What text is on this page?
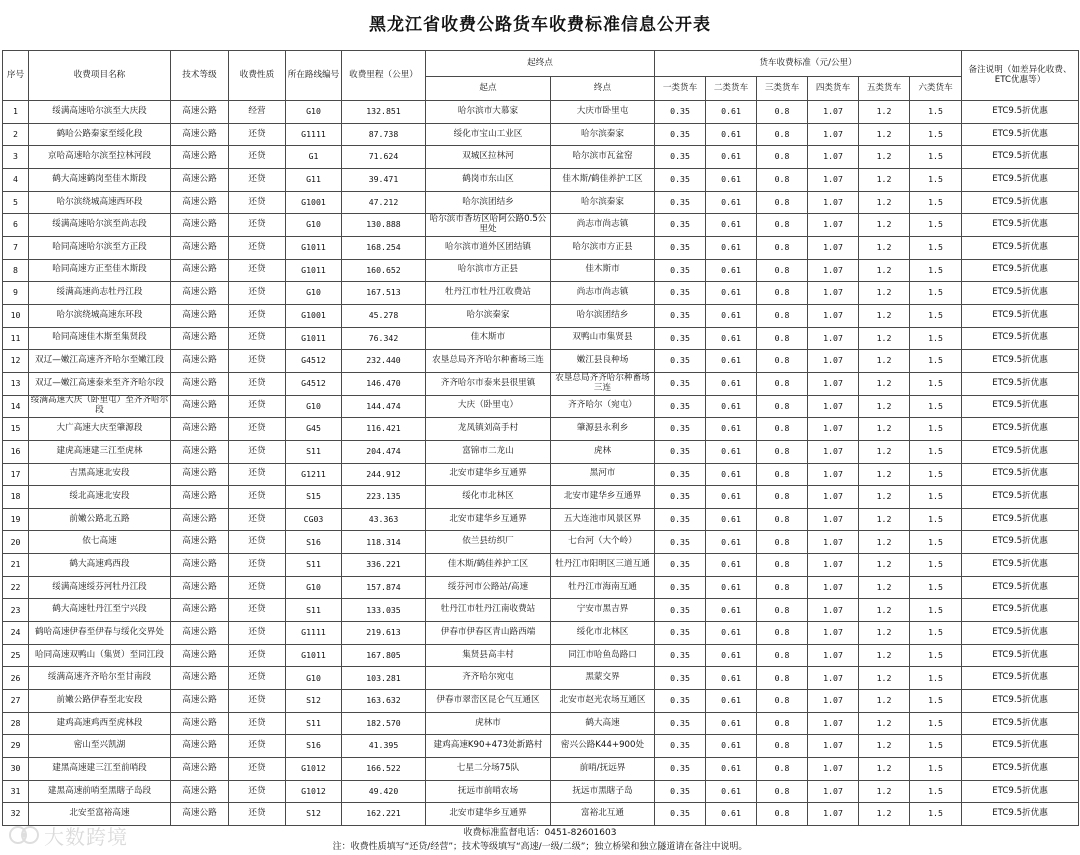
黑龙江省收费公路货车收费标准信息公开表
序号	收费项目名称	技术等级	收费性质	所在路线编号	收费里程（公里）	起终点		货车收费标准（元/公里）						备注说明（如差异化收费、ETC优惠等）
						起点	终点	一类货车	二类货车	三类货车	四类货车	五类货车	六类货车	
1	绥满高速哈尔滨至大庆段	高速公路	经营	G10	132.851	哈尔滨市大慕家	大庆市卧里屯	0.35	0.61	0.8	1.07	1.2	1.5	ETC9.5折优惠
2	鹤哈公路秦家至绥化段	高速公路	还贷	G1111	87.738	绥化市宝山工业区	哈尔滨秦家	0.35	0.61	0.8	1.07	1.2	1.5	ETC9.5折优惠
3	京哈高速哈尔滨至拉林河段	高速公路	还贷	G1	71.624	双城区拉林河	哈尔滨市瓦盆窑	0.35	0.61	0.8	1.07	1.2	1.5	ETC9.5折优惠
4	鹤大高速鹤岗至佳木斯段	高速公路	还贷	G11	39.471	鹤岗市东山区	佳木斯/鹤佳养护工区	0.35	0.61	0.8	1.07	1.2	1.5	ETC9.5折优惠
5	哈尔滨绕城高速西环段	高速公路	还贷	G1001	47.212	哈尔滨团结乡	哈尔滨秦家	0.35	0.61	0.8	1.07	1.2	1.5	ETC9.5折优惠
6	绥满高速哈尔滨至尚志段	高速公路	还贷	G10	130.888	哈尔滨市香坊区哈阿公路0.5公里处	尚志市尚志镇	0.35	0.61	0.8	1.07	1.2	1.5	ETC9.5折优惠
7	哈同高速哈尔滨至方正段	高速公路	还贷	G1011	168.254	哈尔滨市道外区团结镇	哈尔滨市方正县	0.35	0.61	0.8	1.07	1.2	1.5	ETC9.5折优惠
8	哈同高速方正至佳木斯段	高速公路	还贷	G1011	160.652	哈尔滨市方正县	佳木斯市	0.35	0.61	0.8	1.07	1.2	1.5	ETC9.5折优惠
9	绥满高速尚志牡丹江段	高速公路	还贷	G10	167.513	牡丹江市牡丹江收费站	尚志市尚志镇	0.35	0.61	0.8	1.07	1.2	1.5	ETC9.5折优惠
10	哈尔滨绕城高速东环段	高速公路	还贷	G1001	45.278	哈尔滨秦家	哈尔滨团结乡	0.35	0.61	0.8	1.07	1.2	1.5	ETC9.5折优惠
11	哈同高速佳木斯至集贤段	高速公路	还贷	G1011	76.342	佳木斯市	双鸭山市集贤县	0.35	0.61	0.8	1.07	1.2	1.5	ETC9.5折优惠
12	双辽—嫩江高速齐齐哈尔至嫩江段	高速公路	还贷	G4512	232.440	农垦总局齐齐哈尔种畜场三连	嫩江县良种场	0.35	0.61	0.8	1.07	1.2	1.5	ETC9.5折优惠
13	双辽—嫩江高速泰来至齐齐哈尔段	高速公路	还贷	G4512	146.470	齐齐哈尔市泰来县很里镇	农垦总局齐齐哈尔种畜场三连	0.35	0.61	0.8	1.07	1.2	1.5	ETC9.5折优惠
14	绥满高速大庆（卧里屯）至齐齐哈尔段	高速公路	还贷	G10	144.474	大庆（卧里屯）	齐齐哈尔（宛屯）	0.35	0.61	0.8	1.07	1.2	1.5	ETC9.5折优惠
15	大广高速大庆至肇源段	高速公路	还贷	G45	116.421	龙凤镇刘高手村	肇源县永利乡	0.35	0.61	0.8	1.07	1.2	1.5	ETC9.5折优惠
16	建虎高速建三江至虎林	高速公路	还贷	S11	204.474	富锦市二龙山	虎林	0.35	0.61	0.8	1.07	1.2	1.5	ETC9.5折优惠
17	吉黑高速北安段	高速公路	还贷	G1211	244.912	北安市建华乡互通界	黑河市	0.35	0.61	0.8	1.07	1.2	1.5	ETC9.5折优惠
18	绥北高速北安段	高速公路	还贷	S15	223.135	绥化市北林区	北安市建华乡互通界	0.35	0.61	0.8	1.07	1.2	1.5	ETC9.5折优惠
19	前嫩公路北五路	高速公路	还贷	CG03	43.363	北安市建华乡互通界	五大连池市风景区界	0.35	0.61	0.8	1.07	1.2	1.5	ETC9.5折优惠
20	依七高速	高速公路	还贷	S16	118.314	依兰县纺织厂	七台河（大个岭）	0.35	0.61	0.8	1.07	1.2	1.5	ETC9.5折优惠
21	鹤大高速鸡西段	高速公路	还贷	S11	336.221	佳木斯/鹤佳养护工区	牡丹江市阳明区三道互通	0.35	0.61	0.8	1.07	1.2	1.5	ETC9.5折优惠
22	绥满高速绥芬河牡丹江段	高速公路	还贷	G10	157.874	绥芬河市公路站/高速	牡丹江市海南互通	0.35	0.61	0.8	1.07	1.2	1.5	ETC9.5折优惠
23	鹤大高速牡丹江至宁兴段	高速公路	还贷	S11	133.035	牡丹江市牡丹江南收费站	宁安市黑吉界	0.35	0.61	0.8	1.07	1.2	1.5	ETC9.5折优惠
24	鹤哈高速伊春至伊春与绥化交界处	高速公路	还贷	G1111	219.613	伊春市伊春区青山路西端	绥化市北林区	0.35	0.61	0.8	1.07	1.2	1.5	ETC9.5折优惠
25	哈同高速双鸭山（集贤）至同江段	高速公路	还贷	G1011	167.805	集贤县高丰村	同江市哈鱼岛路口	0.35	0.61	0.8	1.07	1.2	1.5	ETC9.5折优惠
26	绥满高速齐齐哈尔至甘南段	高速公路	还贷	G10	103.281	齐齐哈尔宛屯	黑蒙交界	0.35	0.61	0.8	1.07	1.2	1.5	ETC9.5折优惠
27	前嫩公路伊春至北安段	高速公路	还贷	S12	163.632	伊春市翠峦区昆仑气互通区	北安市赵光农场互通区	0.35	0.61	0.8	1.07	1.2	1.5	ETC9.5折优惠
28	建鸡高速鸡西至虎林段	高速公路	还贷	S11	182.570	虎林市	鹤大高速	0.35	0.61	0.8	1.07	1.2	1.5	ETC9.5折优惠
29	密山至兴凯湖	高速公路	还贷	S16	41.395	建鸡高速K90+473处新路村	密兴公路K44+900处	0.35	0.61	0.8	1.07	1.2	1.5	ETC9.5折优惠
30	建黑高速建三江至前哨段	高速公路	还贷	G1012	166.522	七星二分场75队	前哨/抚远界	0.35	0.61	0.8	1.07	1.2	1.5	ETC9.5折优惠
31	建黑高速前哨至黑瞎子岛段	高速公路	还贷	G1012	49.420	抚远市前哨农场	抚远市黑瞎子岛	0.35	0.61	0.8	1.07	1.2	1.5	ETC9.5折优惠
32	北安至富裕高速	高速公路	还贷	S12	162.221	北安市建华乡互通界	富裕北互通	0.35	0.61	0.8	1.07	1.2	1.5	ETC9.5折优惠
收费标准监督电话：0451-82601603
注：收费性质填写“还贷/经营”；技术等级填写“高速/一级/二级”；独立桥梁和独立隧道请在备注中说明。
大数跨境
